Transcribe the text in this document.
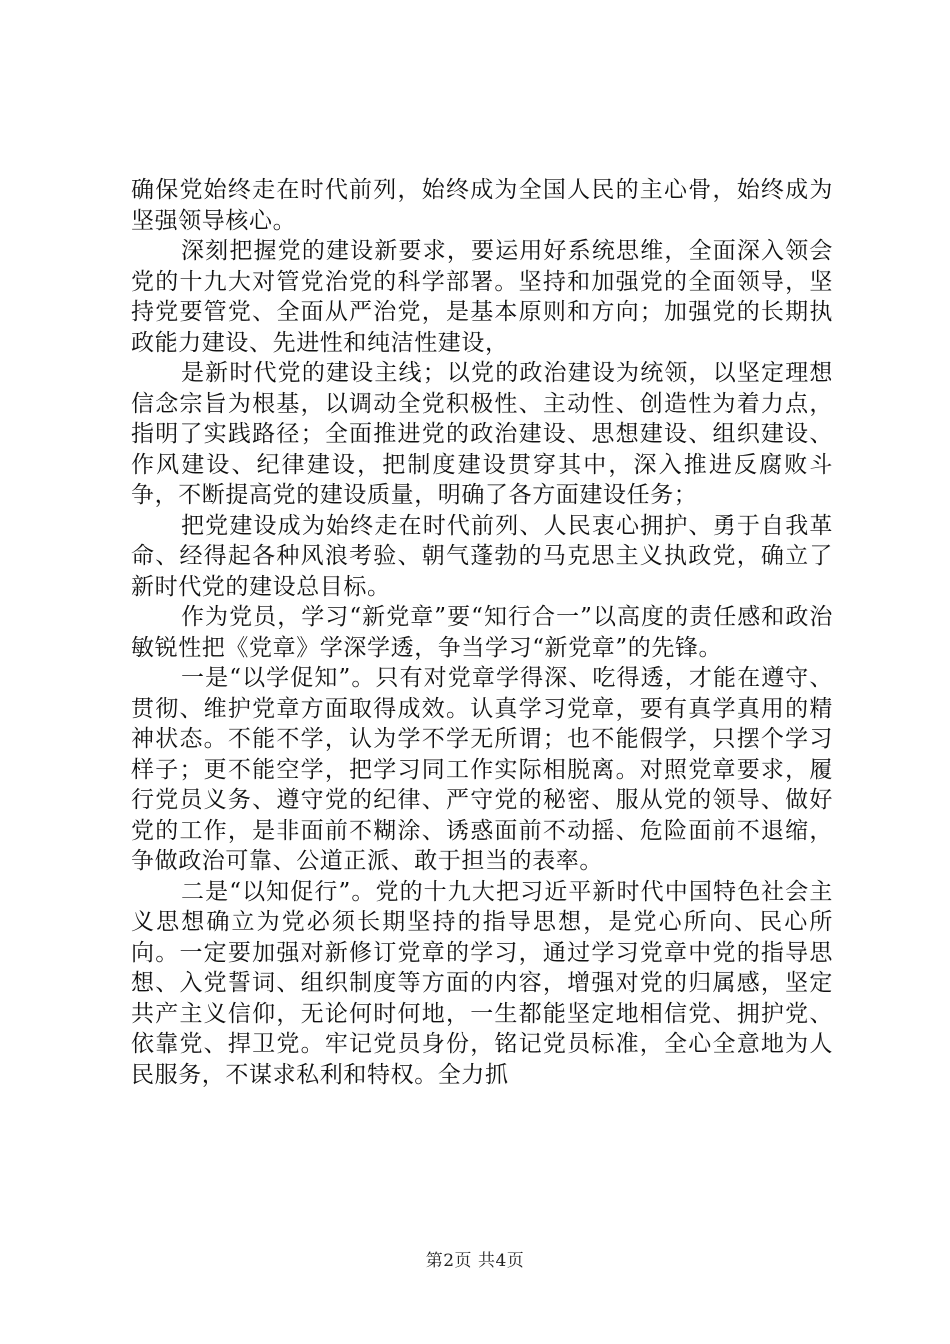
确保党始终走在时代前列，始终成为全国人民的主心骨，始终成为坚强领导核心。

深刻把握党的建设新要求，要运用好系统思维，全面深入领会党的十九大对管党治党的科学部署。坚持和加强党的全面领导，坚持党要管党、全面从严治党，是基本原则和方向；加强党的长期执政能力建设、先进性和纯洁性建设，

是新时代党的建设主线；以党的政治建设为统领，以坚定理想信念宗旨为根基，以调动全党积极性、主动性、创造性为着力点，指明了实践路径；全面推进党的政治建设、思想建设、组织建设、作风建设、纪律建设，把制度建设贯穿其中，深入推进反腐败斗争，不断提高党的建设质量，明确了各方面建设任务；

把党建设成为始终走在时代前列、人民衷心拥护、勇于自我革命、经得起各种风浪考验、朝气蓬勃的马克思主义执政党，确立了新时代党的建设总目标。

作为党员，学习“新党章”要“知行合一”以高度的责任感和政治敏锐性把《党章》学深学透，争当学习“新党章”的先锋。

一是“以学促知”。只有对党章学得深、吃得透，才能在遵守、贯彻、维护党章方面取得成效。认真学习党章，要有真学真用的精神状态。不能不学，认为学不学无所谓；也不能假学，只摆个学习样子；更不能空学，把学习同工作实际相脱离。对照党章要求，履行党员义务、遵守党的纪律、严守党的秘密、服从党的领导、做好党的工作，是非面前不糊涂、诱惑面前不动摇、危险面前不退缩，争做政治可靠、公道正派、敢于担当的表率。

二是“以知促行”。党的十九大把习近平新时代中国特色社会主义思想确立为党必须长期坚持的指导思想，是党心所向、民心所向。一定要加强对新修订党章的学习，通过学习党章中党的指导思想、入党誓词、组织制度等方面的内容，增强对党的归属感，坚定共产主义信仰，无论何时何地，一生都能坚定地相信党、拥护党、依靠党、捍卫党。牢记党员身份，铭记党员标准，全心全意地为人民服务，不谋求私利和特权。全力抓

第2页 共4页
